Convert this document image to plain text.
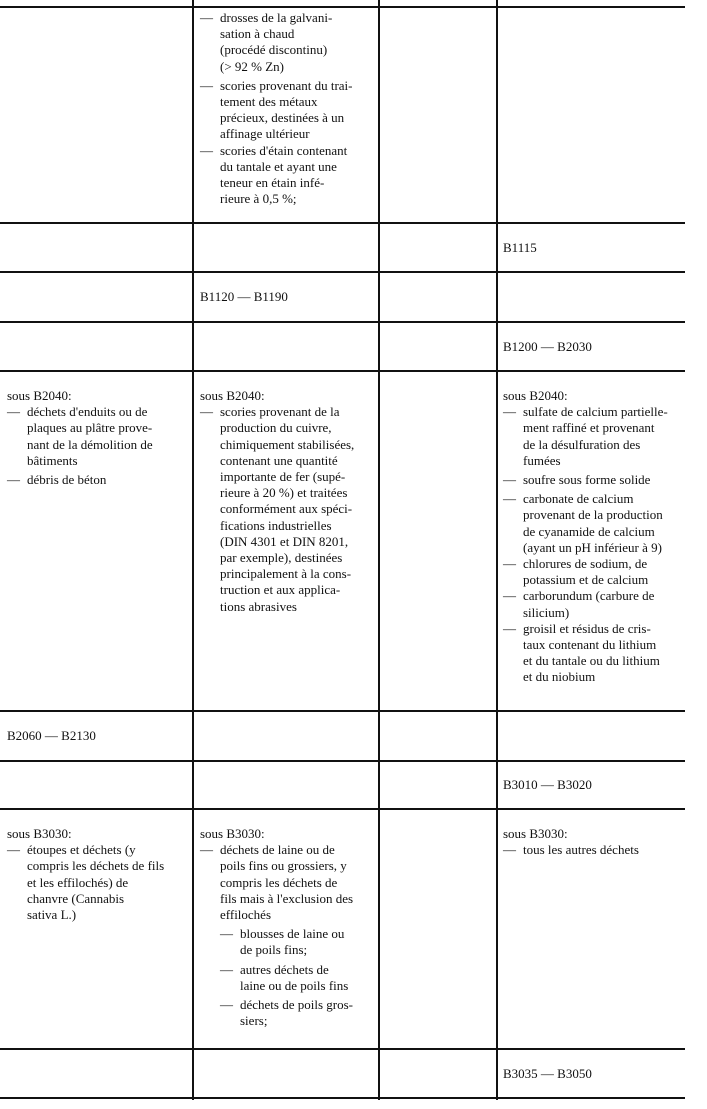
— drosses de la galvani-
sation à chaud
(procédé discontinu)
(> 92 % Zn)
— scories provenant du trai-
tement des métaux
précieux, destinées à un
affinage ultérieur
— scories d'étain contenant
du tantale et ayant une
teneur en étain infé-
rieure à 0,5 %;
B1115
B1120 — B1190
B1200 — B2030
sous B2040:
— déchets d'enduits ou de
plaques au plâtre prove-
nant de la démolition de
bâtiments
— débris de béton
sous B2040:
— scories provenant de la
production du cuivre,
chimiquement stabilisées,
contenant une quantité
importante de fer (supé-
rieure à 20 %) et traitées
conformément aux spéci-
fications industrielles
(DIN 4301 et DIN 8201,
par exemple), destinées
principalement à la cons-
truction et aux applica-
tions abrasives
sous B2040:
— sulfate de calcium partielle-
ment raffiné et provenant
de la désulfuration des
fumées
— soufre sous forme solide
— carbonate de calcium
provenant de la production
de cyanamide de calcium
(ayant un pH inférieur à 9)
— chlorures de sodium, de
potassium et de calcium
— carborundum (carbure de
silicium)
— groisil et résidus de cris-
taux contenant du lithium
et du tantale ou du lithium
et du niobium
B2060 — B2130
B3010 — B3020
sous B3030:
— étoupes et déchets (y
compris les déchets de fils
et les effilochés) de
chanvre (Cannabis
sativa L.)
sous B3030:
— déchets de laine ou de
poils fins ou grossiers, y
compris les déchets de
fils mais à l'exclusion des
effilochés
— blousses de laine ou
de poils fins;
— autres déchets de
laine ou de poils fins
— déchets de poils gros-
siers;
sous B3030:
— tous les autres déchets
B3035 — B3050
